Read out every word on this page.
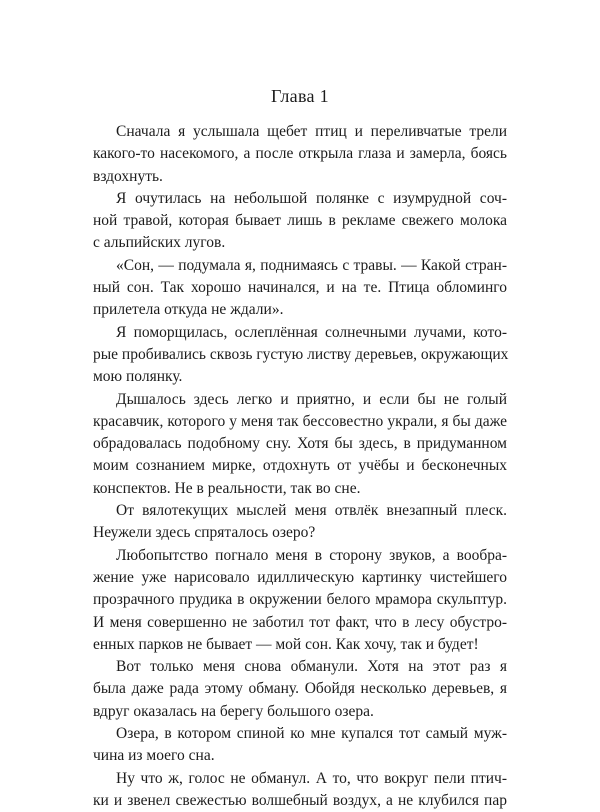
Глава 1
Сначала я услышала щебет птиц и переливчатые трели
какого-то насекомого, а после открыла глаза и замерла, боясь
вздохнуть.
Я очутилась на небольшой полянке с изумрудной соч-
ной травой, которая бывает лишь в рекламе свежего молока
с альпийских лугов.
«Сон, — подумала я, поднимаясь с травы. — Какой стран-
ный сон. Так хорошо начинался, и на те. Птица обломинго
прилетела откуда не ждали».
Я поморщилась, ослеплённая солнечными лучами, кото-
рые пробивались сквозь густую листву деревьев, окружающих
мою полянку.
Дышалось здесь легко и приятно, и если бы не голый
красавчик, которого у меня так бессовестно украли, я бы даже
обрадовалась подобному сну. Хотя бы здесь, в придуманном
моим сознанием мирке, отдохнуть от учёбы и бесконечных
конспектов. Не в реальности, так во сне.
От вялотекущих мыслей меня отвлёк внезапный плеск.
Неужели здесь спряталось озеро?
Любопытство погнало меня в сторону звуков, а вообра-
жение уже нарисовало идиллическую картинку чистейшего
прозрачного прудика в окружении белого мрамора скульптур.
И меня совершенно не заботил тот факт, что в лесу обустро-
енных парков не бывает — мой сон. Как хочу, так и будет!
Вот только меня снова обманули. Хотя на этот раз я
была даже рада этому обману. Обойдя несколько деревьев, я
вдруг оказалась на берегу большого озера.
Озера, в котором спиной ко мне купался тот самый муж-
чина из моего сна.
Ну что ж, голос не обманул. А то, что вокруг пели птич-
ки и звенел свежестью волшебный воздух, а не клубился пар
